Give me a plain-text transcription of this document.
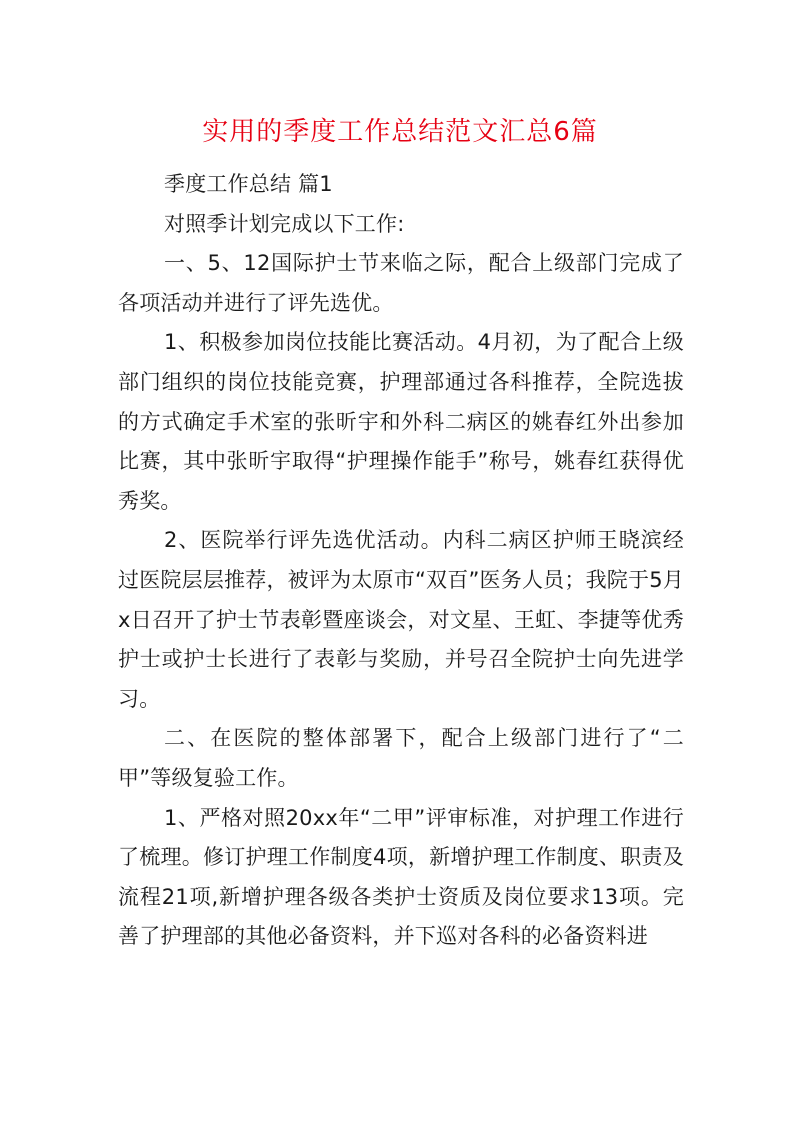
实用的季度工作总结范文汇总6篇

季度工作总结 篇1

对照季计划完成以下工作:

一、5、12国际护士节来临之际，配合上级部门完成了各项活动并进行了评先选优。

1、积极参加岗位技能比赛活动。4月初，为了配合上级部门组织的岗位技能竞赛，护理部通过各科推荐，全院选拔的方式确定手术室的张昕宇和外科二病区的姚春红外出参加比赛，其中张昕宇取得“护理操作能手”称号，姚春红获得优秀奖。

2、医院举行评先选优活动。内科二病区护师王晓滨经过医院层层推荐，被评为太原市“双百”医务人员；我院于5月x日召开了护士节表彰暨座谈会，对文星、王虹、李捷等优秀护士或护士长进行了表彰与奖励，并号召全院护士向先进学习。

二、在医院的整体部署下，配合上级部门进行了“二甲”等级复验工作。

1、严格对照20xx年“二甲”评审标准，对护理工作进行了梳理。修订护理工作制度4项，新增护理工作制度、职责及流程21项,新增护理各级各类护士资质及岗位要求13项。完善了护理部的其他必备资料，并下巡对各科的必备资料进
